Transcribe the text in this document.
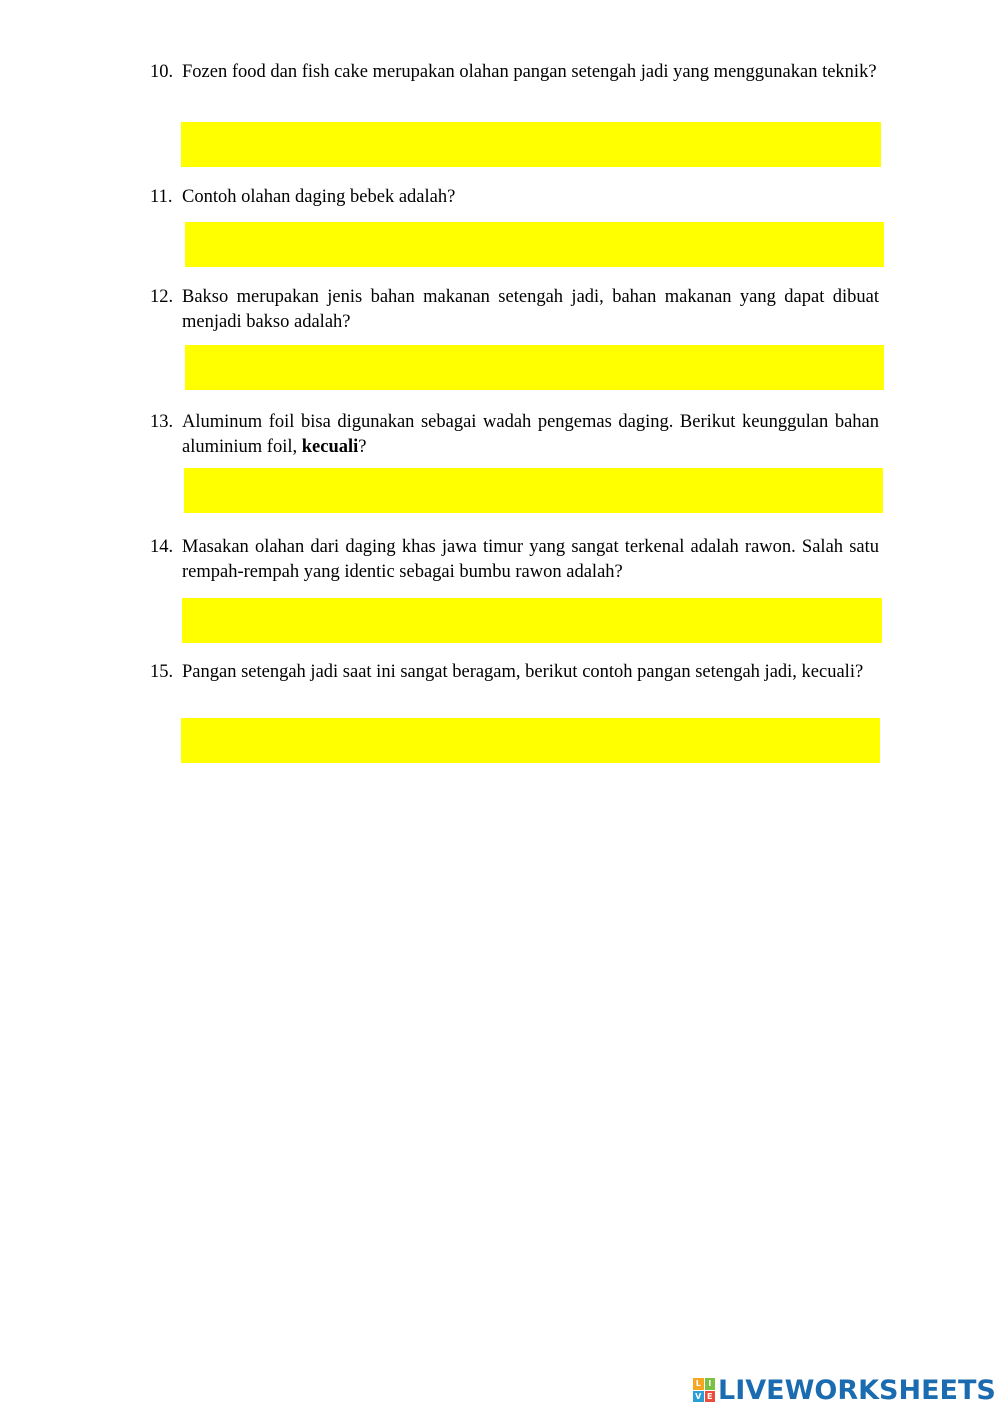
10. Fozen food dan fish cake merupakan olahan pangan setengah jadi yang menggunakan teknik?
11. Contoh olahan daging bebek adalah?
12. Bakso merupakan jenis bahan makanan setengah jadi, bahan makanan yang dapat dibuat menjadi bakso adalah?
13. Aluminum foil bisa digunakan sebagai wadah pengemas daging. Berikut keunggulan bahan aluminium foil, kecuali?
14. Masakan olahan dari daging khas jawa timur yang sangat terkenal adalah rawon. Salah satu rempah-rempah yang identic sebagai bumbu rawon adalah?
15. Pangan setengah jadi saat ini sangat beragam, berikut contoh pangan setengah jadi, kecuali?
L I
V E LIVEWORKSHEETS
